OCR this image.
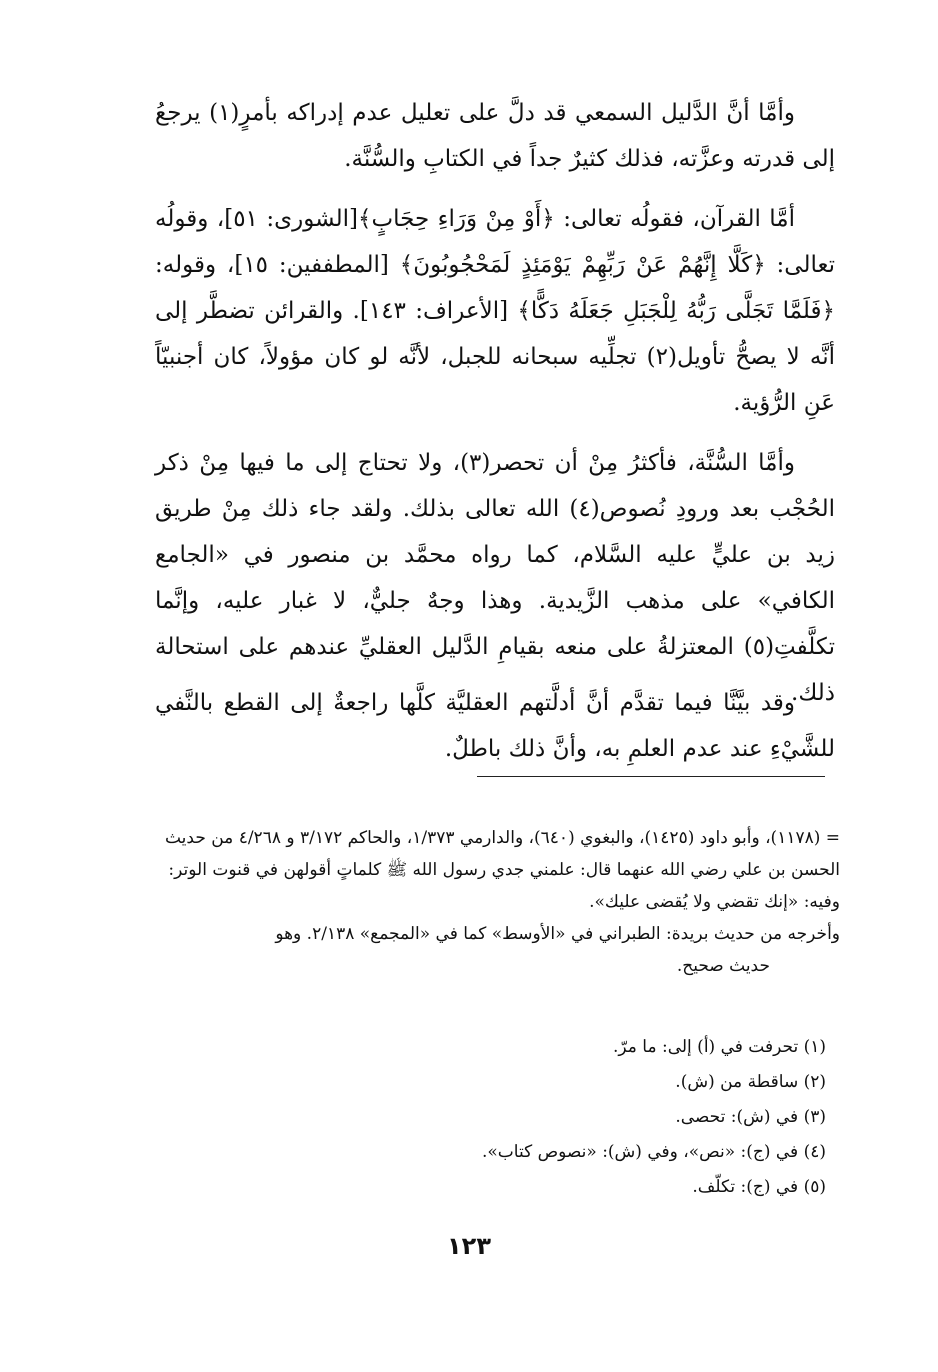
وأمَّا أنَّ الدَّليل السمعي قد دلَّ على تعليل عدم إدراكه بأمرٍ(١) يرجعُ إلى قدرته وعزَّته، فذلك كثيرٌ جداً في الكتابِ والسُّنَّة.

أمَّا القرآن، فقولُه تعالى: ﴿أَوْ مِنْ وَرَاءِ حِجَابٍ﴾[الشورى: ٥١]، وقولُه تعالى: ﴿كَلَّا إِنَّهُمْ عَنْ رَبِّهِمْ يَوْمَئِذٍ لَمَحْجُوبُونَ﴾ [المطففين: ١٥]، وقوله: ﴿فَلَمَّا تَجَلَّى رَبُّهُ لِلْجَبَلِ جَعَلَهُ دَكًّا﴾ [الأعراف: ١٤٣]. والقرائن تضطَّر إلى أنَّه لا يصحُّ تأويل(٢) تجلِّيه سبحانه للجبل، لأنَّه لو كان مؤولاً، كان أجنبيّاً عَنِ الرُّؤية.

وأمَّا السُّنَّة، فأكثرُ مِنْ أن تحصر(٣)، ولا تحتاج إلى ما فيها مِنْ ذكر الحُجْب بعد ورودِ نُصوص(٤) الله تعالى بذلك. ولقد جاء ذلك مِنْ طريق زيد بن عليٍّ عليه السَّلام، كما رواه محمَّد بن منصور في «الجامع الكافي» على مذهب الزَّيدية. وهذا وجهٌ جليٌّ، لا غبار عليه، وإنَّما تكلَّفتِ(٥) المعتزلةُ على منعه بقيامِ الدَّليل العقليِّ عندهم على استحالة ذلك.

وقد بيَّنَّا فيما تقدَّم أنَّ أدلَّتهم العقليَّة كلَّها راجعةٌ إلى القطع بالنَّفي للشَّيْءِ عند عدم العلمِ به، وأنَّ ذلك باطلٌ.

= (١١٧٨)، وأبو داود (١٤٢٥)، والبغوي (٦٤٠)، والدارمي ١/٣٧٣، والحاكم ٣/١٧٢ و ٤/٢٦٨ من حديث الحسن بن علي رضي الله عنهما قال: علمني جدي رسول الله ﷺ كلماتٍ أقولهن في قنوت الوتر: وفيه: «إنك تقضي ولا يُقضى عليك».

وأخرجه من حديث بريدة: الطبراني في «الأوسط» كما في «المجمع» ٢/١٣٨. وهو

حديث صحيح.

(١) تحرفت في (أ) إلى: ما مرّ.
(٢) ساقطة من (ش).
(٣) في (ش): تحصى.
(٤) في (ج): «نص»، وفي (ش): «نصوص كتاب».
(٥) في (ج): تكلّف.
١٢٣
